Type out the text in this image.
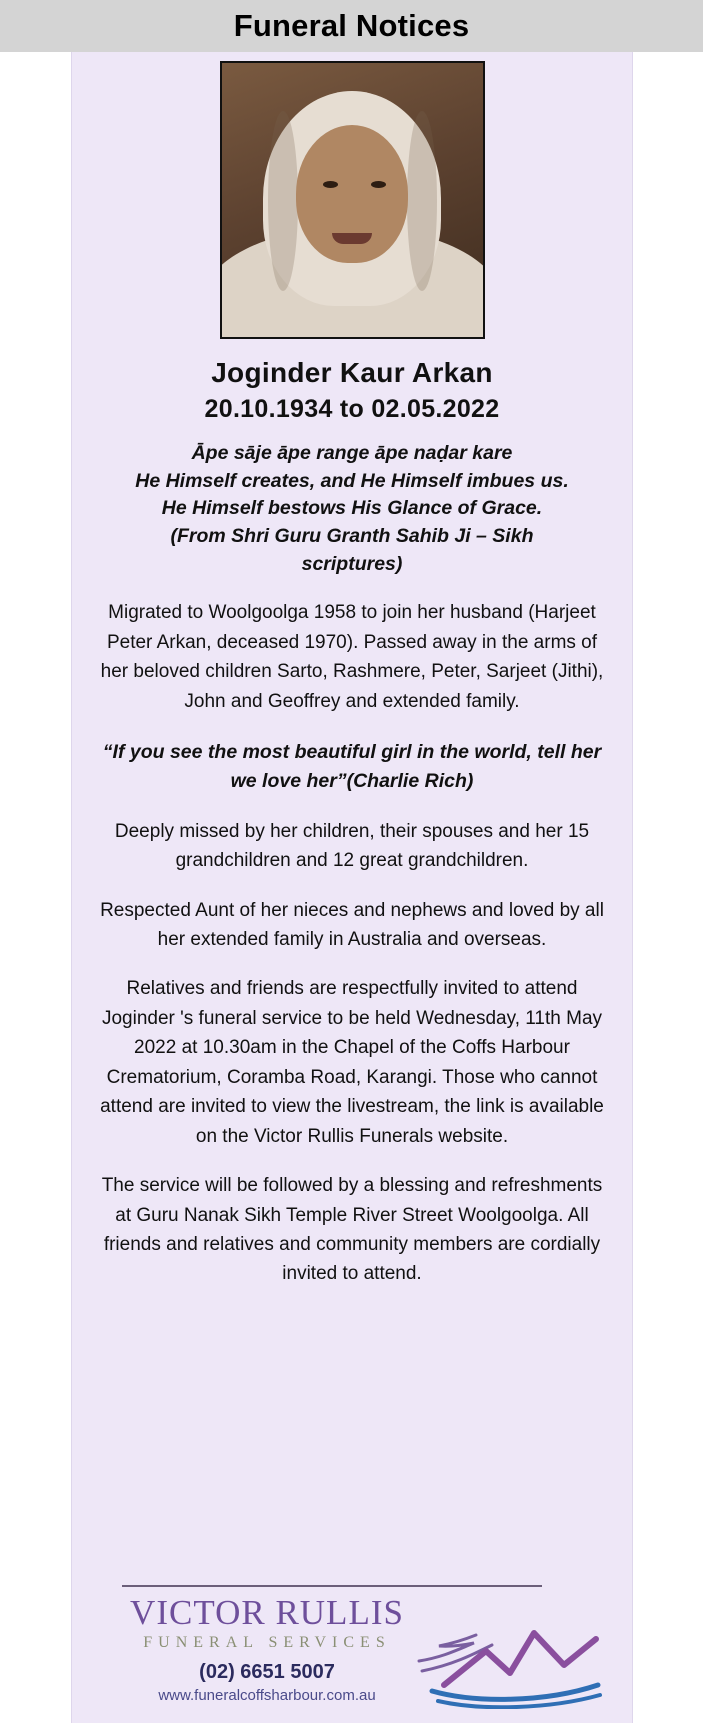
Funeral Notices
Joginder Kaur Arkan
20.10.1934 to 02.05.2022
Āpe sāje āpe range āpe naḍar kare
He Himself creates, and He Himself imbues us.
He Himself bestows His Glance of Grace.
(From Shri Guru Granth Sahib Ji – Sikh
scriptures)

Migrated to Woolgoolga 1958 to join her husband (Harjeet Peter Arkan, deceased 1970). Passed away in the arms of her beloved children Sarto, Rashmere, Peter, Sarjeet (Jithi), John and Geoffrey and extended family.

“If you see the most beautiful girl in the world, tell her we love her”(Charlie Rich)

Deeply missed by her children, their spouses and her 15 grandchildren and 12 great grandchildren.

Respected Aunt of her nieces and nephews and loved by all her extended family in Australia and overseas.

Relatives and friends are respectfully invited to attend Joginder 's funeral service to be held Wednesday, 11th May 2022 at 10.30am in the Chapel of the Coffs Harbour Crematorium, Coramba Road, Karangi. Those who cannot attend are invited to view the livestream, the link is available on the Victor Rullis Funerals website.

The service will be followed by a blessing and refreshments at Guru Nanak Sikh Temple River Street Woolgoolga. All friends and relatives and community members are cordially invited to attend.

VICTOR RULLIS
FUNERAL SERVICES
(02) 6651 5007
www.funeralcoffsharbour.com.au
